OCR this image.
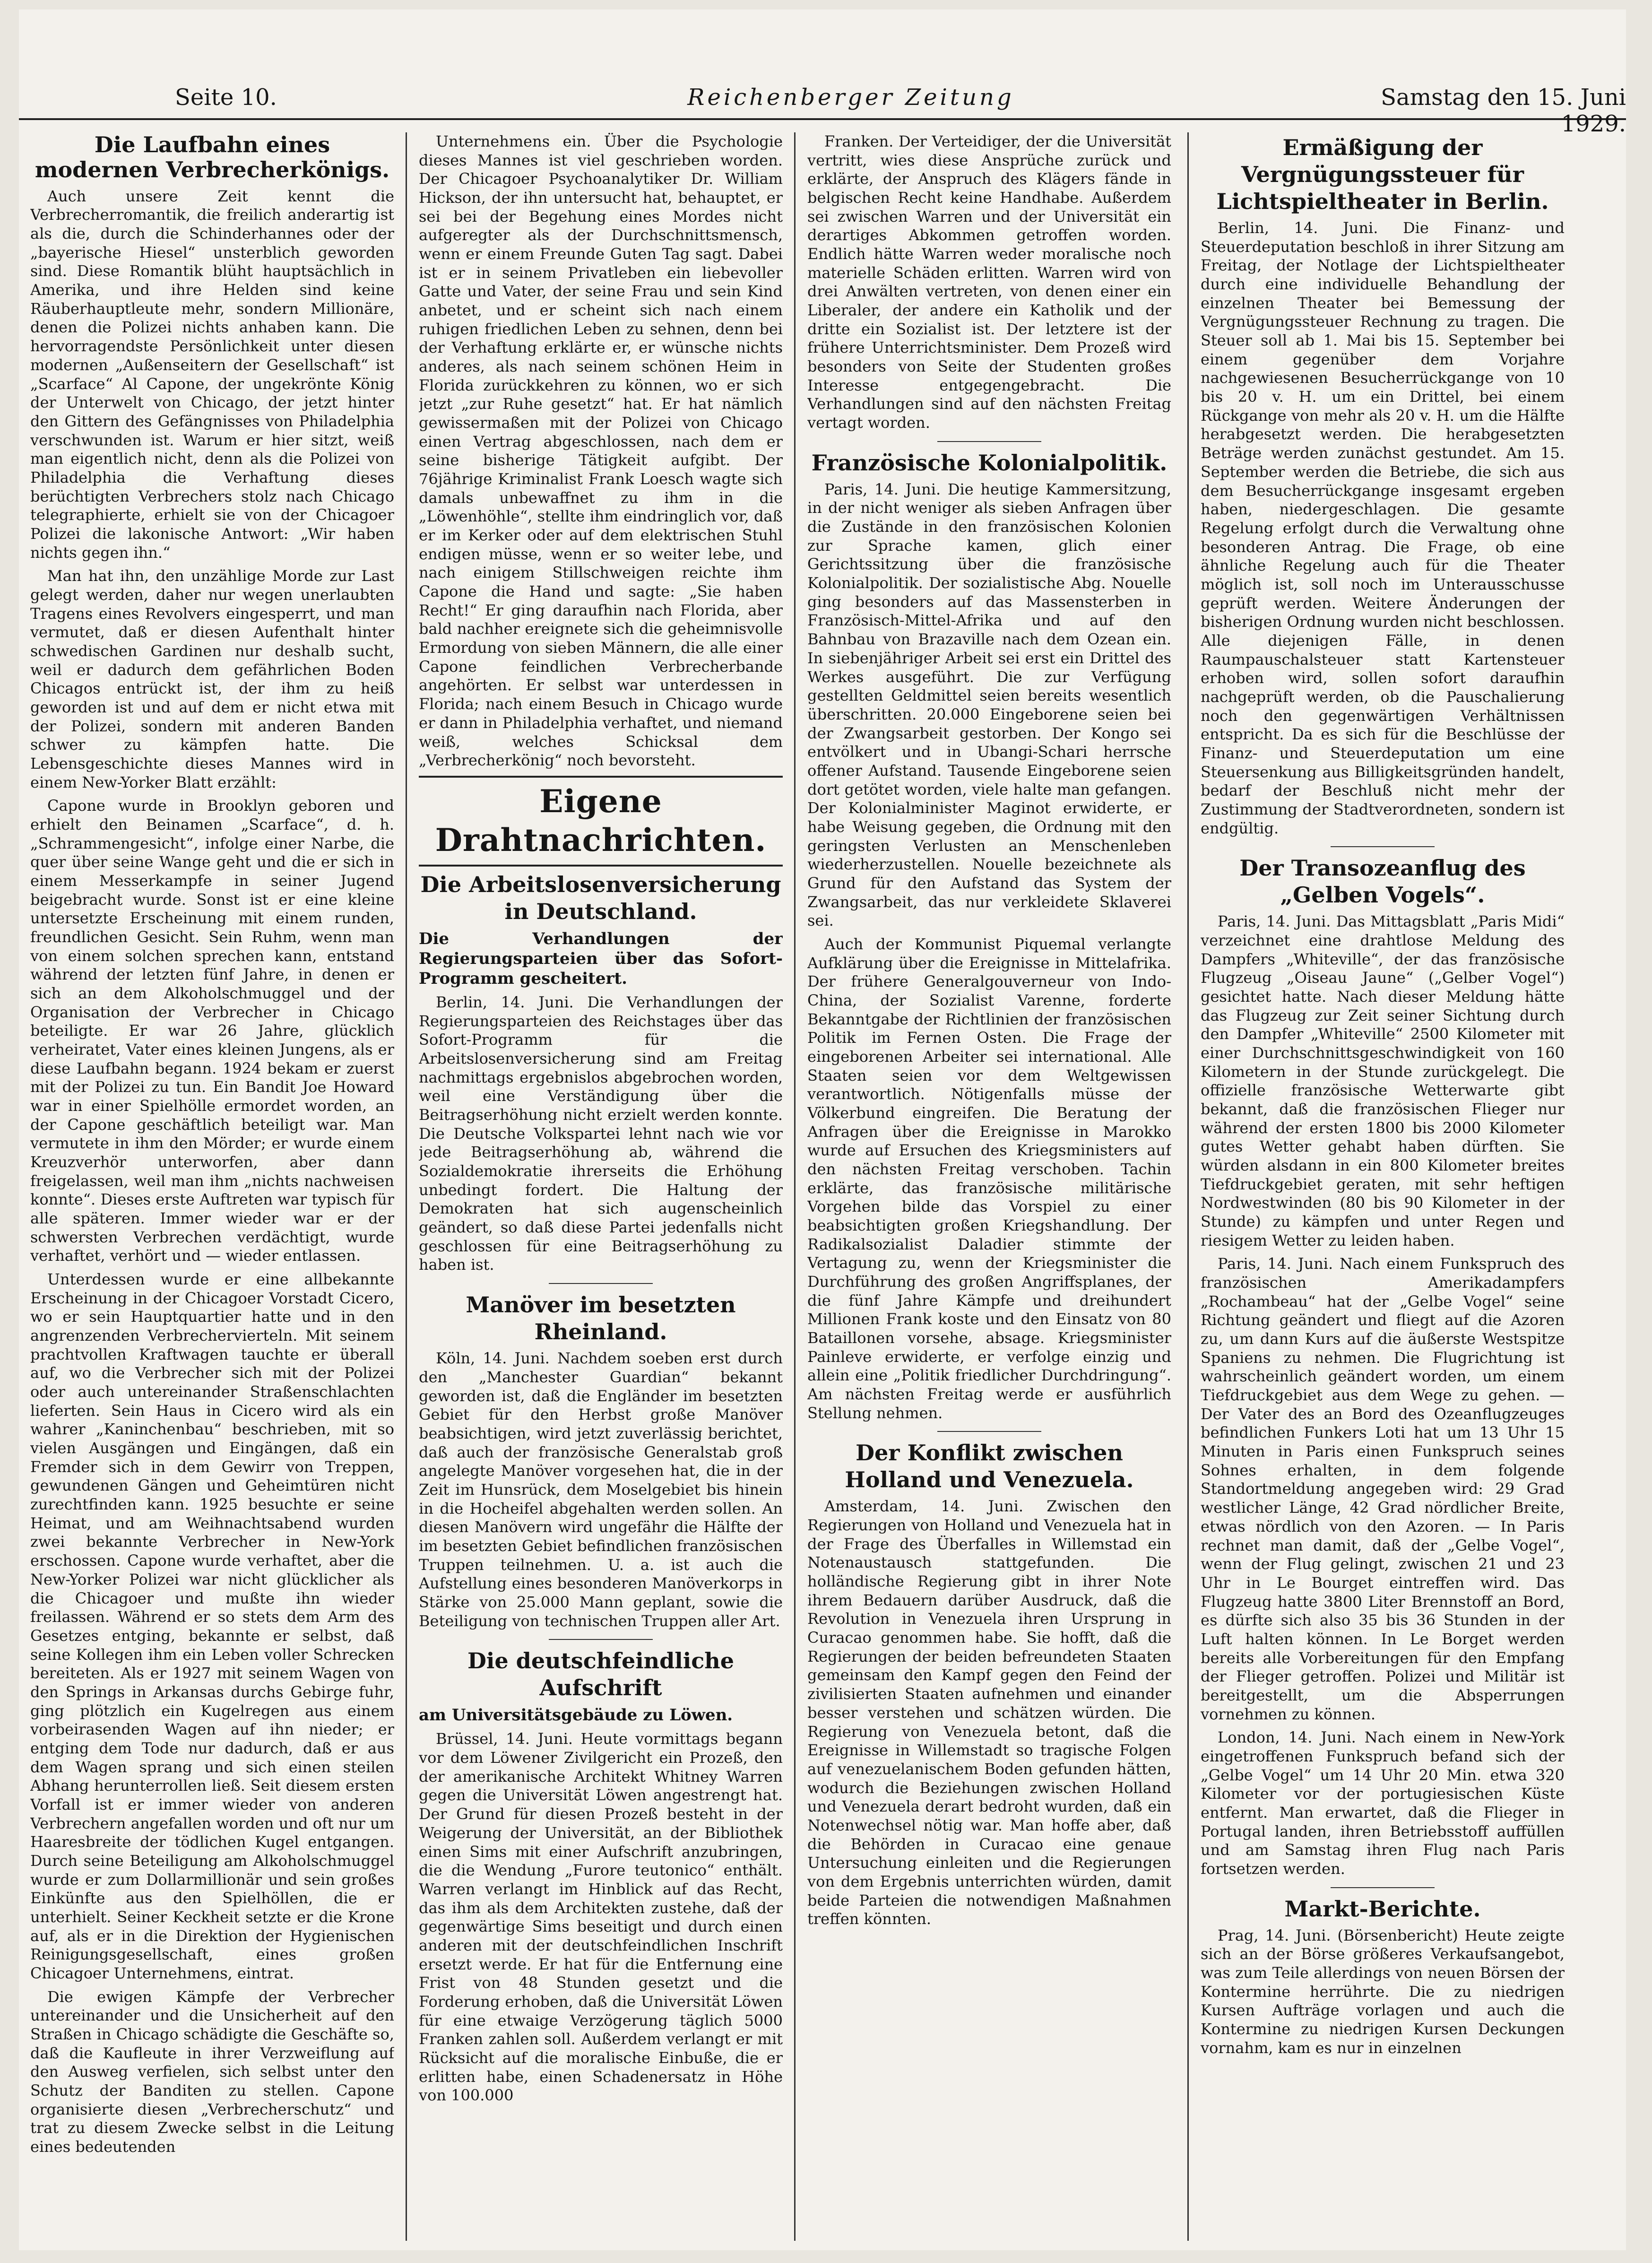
Seite 10.	Reichenberger Zeitung	Samstag den 15. Juni 1929.
Die Laufbahn eines modernen Verbrecherkönigs.

Auch unsere Zeit kennt die Verbrecherromantik, die freilich anderartig ist als die, durch die Schinderhannes oder der „bayerische Hiesel“ unsterblich geworden sind. Diese Romantik blüht hauptsächlich in Amerika, und ihre Helden sind keine Räuberhauptleute mehr, sondern Millionäre, denen die Polizei nichts anhaben kann. Die hervorragendste Persönlichkeit unter diesen modernen „Außenseitern der Gesellschaft“ ist „Scarface“ Al Capone, der ungekrönte König der Unterwelt von Chicago, der jetzt hinter den Gittern des Gefängnisses von Philadelphia verschwunden ist. Warum er hier sitzt, weiß man eigentlich nicht, denn als die Polizei von Philadelphia die Verhaftung dieses berüchtigten Verbrechers stolz nach Chicago telegraphierte, erhielt sie von der Chicagoer Polizei die lakonische Antwort: „Wir haben nichts gegen ihn.“

Man hat ihn, den unzählige Morde zur Last gelegt werden, daher nur wegen unerlaubten Tragens eines Revolvers eingesperrt, und man vermutet, daß er diesen Aufenthalt hinter schwedischen Gardinen nur deshalb sucht, weil er dadurch dem gefährlichen Boden Chicagos entrückt ist, der ihm zu heiß geworden ist und auf dem er nicht etwa mit der Polizei, sondern mit anderen Banden schwer zu kämpfen hatte. Die Lebensgeschichte dieses Mannes wird in einem New-Yorker Blatt erzählt:

Capone wurde in Brooklyn geboren und erhielt den Beinamen „Scarface“, d. h. „Schrammengesicht“, infolge einer Narbe, die quer über seine Wange geht und die er sich in einem Messerkampfe in seiner Jugend beigebracht wurde. Sonst ist er eine kleine untersetzte Erscheinung mit einem runden, freundlichen Gesicht. Sein Ruhm, wenn man von einem solchen sprechen kann, entstand während der letzten fünf Jahre, in denen er sich an dem Alkoholschmuggel und der Organisation der Verbrecher in Chicago beteiligte. Er war 26 Jahre, glücklich verheiratet, Vater eines kleinen Jungens, als er diese Laufbahn begann. 1924 bekam er zuerst mit der Polizei zu tun. Ein Bandit Joe Howard war in einer Spielhölle ermordet worden, an der Capone geschäftlich beteiligt war. Man vermutete in ihm den Mörder; er wurde einem Kreuzverhör unterworfen, aber dann freigelassen, weil man ihm „nichts nachweisen konnte“. Dieses erste Auftreten war typisch für alle späteren. Immer wieder war er der schwersten Verbrechen verdächtigt, wurde verhaftet, verhört und — wieder entlassen.

Unterdessen wurde er eine allbekannte Erscheinung in der Chicagoer Vorstadt Cicero, wo er sein Hauptquartier hatte und in den angrenzenden Verbrechervierteln. Mit seinem prachtvollen Kraftwagen tauchte er überall auf, wo die Verbrecher sich mit der Polizei oder auch untereinander Straßenschlachten lieferten. Sein Haus in Cicero wird als ein wahrer „Kaninchenbau“ beschrieben, mit so vielen Ausgängen und Eingängen, daß ein Fremder sich in dem Gewirr von Treppen, gewundenen Gängen und Geheimtüren nicht zurechtfinden kann. 1925 besuchte er seine Heimat, und am Weihnachtsabend wurden zwei bekannte Verbrecher in New-York erschossen. Capone wurde verhaftet, aber die New-Yorker Polizei war nicht glücklicher als die Chicagoer und mußte ihn wieder freilassen. Während er so stets dem Arm des Gesetzes entging, bekannte er selbst, daß seine Kollegen ihm ein Leben voller Schrecken bereiteten. Als er 1927 mit seinem Wagen von den Springs in Arkansas durchs Gebirge fuhr, ging plötzlich ein Kugelregen aus einem vorbeirasenden Wagen auf ihn nieder; er entging dem Tode nur dadurch, daß er aus dem Wagen sprang und sich einen steilen Abhang herunterrollen ließ. Seit diesem ersten Vorfall ist er immer wieder von anderen Verbrechern angefallen worden und oft nur um Haaresbreite der tödlichen Kugel entgangen. Durch seine Beteiligung am Alkoholschmuggel wurde er zum Dollarmillionär und sein großes Einkünfte aus den Spielhöllen, die er unterhielt. Seiner Keckheit setzte er die Krone auf, als er in die Direktion der Hygienischen Reinigungsgesellschaft, eines großen Chicagoer Unternehmens, eintrat.

Die ewigen Kämpfe der Verbrecher untereinander und die Unsicherheit auf den Straßen in Chicago schädigte die Geschäfte so, daß die Kaufleute in ihrer Verzweiflung auf den Ausweg verfielen, sich selbst unter den Schutz der Banditen zu stellen. Capone organisierte diesen „Verbrecherschutz“ und trat zu diesem Zwecke selbst in die Leitung eines bedeutenden

Unternehmens ein. Über die Psychologie dieses Mannes ist viel geschrieben worden. Der Chicagoer Psychoanalytiker Dr. William Hickson, der ihn untersucht hat, behauptet, er sei bei der Begehung eines Mordes nicht aufgeregter als der Durchschnittsmensch, wenn er einem Freunde Guten Tag sagt. Dabei ist er in seinem Privatleben ein liebevoller Gatte und Vater, der seine Frau und sein Kind anbetet, und er scheint sich nach einem ruhigen friedlichen Leben zu sehnen, denn bei der Verhaftung erklärte er, er wünsche nichts anderes, als nach seinem schönen Heim in Florida zurückkehren zu können, wo er sich jetzt „zur Ruhe gesetzt“ hat. Er hat nämlich gewissermaßen mit der Polizei von Chicago einen Vertrag abgeschlossen, nach dem er seine bisherige Tätigkeit aufgibt. Der 76jährige Kriminalist Frank Loesch wagte sich damals unbewaffnet zu ihm in die „Löwenhöhle“, stellte ihm eindringlich vor, daß er im Kerker oder auf dem elektrischen Stuhl endigen müsse, wenn er so weiter lebe, und nach einigem Stillschweigen reichte ihm Capone die Hand und sagte: „Sie haben Recht!“ Er ging daraufhin nach Florida, aber bald nachher ereignete sich die geheimnisvolle Ermordung von sieben Männern, die alle einer Capone feindlichen Verbrecherbande angehörten. Er selbst war unterdessen in Florida; nach einem Besuch in Chicago wurde er dann in Philadelphia verhaftet, und niemand weiß, welches Schicksal dem „Verbrecherkönig“ noch bevorsteht.

Eigene Drahtnachrichten.
Die Arbeitslosenversicherung in Deutschland.
Die Verhandlungen der Regierungsparteien über das Sofort-Programm gescheitert.

Berlin, 14. Juni. Die Verhandlungen der Regierungsparteien des Reichstages über das Sofort-Programm für die Arbeitslosenversicherung sind am Freitag nachmittags ergebnislos abgebrochen worden, weil eine Verständigung über die Beitragserhöhung nicht erzielt werden konnte. Die Deutsche Volkspartei lehnt nach wie vor jede Beitragserhöhung ab, während die Sozialdemokratie ihrerseits die Erhöhung unbedingt fordert. Die Haltung der Demokraten hat sich augenscheinlich geändert, so daß diese Partei jedenfalls nicht geschlossen für eine Beitragserhöhung zu haben ist.

Manöver im besetzten Rheinland.

Köln, 14. Juni. Nachdem soeben erst durch den „Manchester Guardian“ bekannt geworden ist, daß die Engländer im besetzten Gebiet für den Herbst große Manöver beabsichtigen, wird jetzt zuverlässig berichtet, daß auch der französische Generalstab groß angelegte Manöver vorgesehen hat, die in der Zeit im Hunsrück, dem Moselgebiet bis hinein in die Hocheifel abgehalten werden sollen. An diesen Manövern wird ungefähr die Hälfte der im besetzten Gebiet befindlichen französischen Truppen teilnehmen. U. a. ist auch die Aufstellung eines besonderen Manöverkorps in Stärke von 25.000 Mann geplant, sowie die Beteiligung von technischen Truppen aller Art.

Die deutschfeindliche Aufschrift
am Universitätsgebäude zu Löwen.

Brüssel, 14. Juni. Heute vormittags begann vor dem Löwener Zivilgericht ein Prozeß, den der amerikanische Architekt Whitney Warren gegen die Universität Löwen angestrengt hat. Der Grund für diesen Prozeß besteht in der Weigerung der Universität, an der Bibliothek einen Sims mit einer Aufschrift anzubringen, die die Wendung „Furore teutonico“ enthält. Warren verlangt im Hinblick auf das Recht, das ihm als dem Architekten zustehe, daß der gegenwärtige Sims beseitigt und durch einen anderen mit der deutschfeindlichen Inschrift ersetzt werde. Er hat für die Entfernung eine Frist von 48 Stunden gesetzt und die Forderung erhoben, daß die Universität Löwen für eine etwaige Verzögerung täglich 5000 Franken zahlen soll. Außerdem verlangt er mit Rücksicht auf die moralische Einbuße, die er erlitten habe, einen Schadenersatz in Höhe von 100.000

Franken. Der Verteidiger, der die Universität vertritt, wies diese Ansprüche zurück und erklärte, der Anspruch des Klägers fände in belgischen Recht keine Handhabe. Außerdem sei zwischen Warren und der Universität ein derartiges Abkommen getroffen worden. Endlich hätte Warren weder moralische noch materielle Schäden erlitten. Warren wird von drei Anwälten vertreten, von denen einer ein Liberaler, der andere ein Katholik und der dritte ein Sozialist ist. Der letztere ist der frühere Unterrichtsminister. Dem Prozeß wird besonders von Seite der Studenten großes Interesse entgegengebracht. Die Verhandlungen sind auf den nächsten Freitag vertagt worden.

Französische Kolonialpolitik.

Paris, 14. Juni. Die heutige Kammersitzung, in der nicht weniger als sieben Anfragen über die Zustände in den französischen Kolonien zur Sprache kamen, glich einer Gerichtssitzung über die französische Kolonialpolitik. Der sozialistische Abg. Nouelle ging besonders auf das Massensterben in Französisch-Mittel-Afrika und auf den Bahnbau von Brazaville nach dem Ozean ein. In siebenjähriger Arbeit sei erst ein Drittel des Werkes ausgeführt. Die zur Verfügung gestellten Geldmittel seien bereits wesentlich überschritten. 20.000 Eingeborene seien bei der Zwangsarbeit gestorben. Der Kongo sei entvölkert und in Ubangi-Schari herrsche offener Aufstand. Tausende Eingeborene seien dort getötet worden, viele halte man gefangen. Der Kolonialminister Maginot erwiderte, er habe Weisung gegeben, die Ordnung mit den geringsten Verlusten an Menschenleben wiederherzustellen. Nouelle bezeichnete als Grund für den Aufstand das System der Zwangsarbeit, das nur verkleidete Sklaverei sei.

Auch der Kommunist Piquemal verlangte Aufklärung über die Ereignisse in Mittelafrika. Der frühere Generalgouverneur von Indo-China, der Sozialist Varenne, forderte Bekanntgabe der Richtlinien der französischen Politik im Fernen Osten. Die Frage der eingeborenen Arbeiter sei international. Alle Staaten seien vor dem Weltgewissen verantwortlich. Nötigenfalls müsse der Völkerbund eingreifen. Die Beratung der Anfragen über die Ereignisse in Marokko wurde auf Ersuchen des Kriegsministers auf den nächsten Freitag verschoben. Tachin erklärte, das französische militärische Vorgehen bilde das Vorspiel zu einer beabsichtigten großen Kriegshandlung. Der Radikalsozialist Daladier stimmte der Vertagung zu, wenn der Kriegsminister die Durchführung des großen Angriffsplanes, der die fünf Jahre Kämpfe und dreihundert Millionen Frank koste und den Einsatz von 80 Bataillonen vorsehe, absage. Kriegsminister Painleve erwiderte, er verfolge einzig und allein eine „Politik friedlicher Durchdringung“. Am nächsten Freitag werde er ausführlich Stellung nehmen.

Der Konflikt zwischen Holland und Venezuela.

Amsterdam, 14. Juni. Zwischen den Regierungen von Holland und Venezuela hat in der Frage des Überfalles in Willemstad ein Notenaustausch stattgefunden. Die holländische Regierung gibt in ihrer Note ihrem Bedauern darüber Ausdruck, daß die Revolution in Venezuela ihren Ursprung in Curacao genommen habe. Sie hofft, daß die Regierungen der beiden befreundeten Staaten gemeinsam den Kampf gegen den Feind der zivilisierten Staaten aufnehmen und einander besser verstehen und schätzen würden. Die Regierung von Venezuela betont, daß die Ereignisse in Willemstadt so tragische Folgen auf venezuelanischem Boden gefunden hätten, wodurch die Beziehungen zwischen Holland und Venezuela derart bedroht wurden, daß ein Notenwechsel nötig war. Man hoffe aber, daß die Behörden in Curacao eine genaue Untersuchung einleiten und die Regierungen von dem Ergebnis unterrichten würden, damit beide Parteien die notwendigen Maßnahmen treffen könnten.

Ermäßigung der Vergnügungssteuer für Lichtspieltheater in Berlin.

Berlin, 14. Juni. Die Finanz- und Steuerdeputation beschloß in ihrer Sitzung am Freitag, der Notlage der Lichtspieltheater durch eine individuelle Behandlung der einzelnen Theater bei Bemessung der Vergnügungssteuer Rechnung zu tragen. Die Steuer soll ab 1. Mai bis 15. September bei einem gegenüber dem Vorjahre nachgewiesenen Besucherrückgange von 10 bis 20 v. H. um ein Drittel, bei einem Rückgange von mehr als 20 v. H. um die Hälfte herabgesetzt werden. Die herabgesetzten Beträge werden zunächst gestundet. Am 15. September werden die Betriebe, die sich aus dem Besucherrückgange insgesamt ergeben haben, niedergeschlagen. Die gesamte Regelung erfolgt durch die Verwaltung ohne besonderen Antrag. Die Frage, ob eine ähnliche Regelung auch für die Theater möglich ist, soll noch im Unterausschusse geprüft werden. Weitere Änderungen der bisherigen Ordnung wurden nicht beschlossen. Alle diejenigen Fälle, in denen Raumpauschalsteuer statt Kartensteuer erhoben wird, sollen sofort daraufhin nachgeprüft werden, ob die Pauschalierung noch den gegenwärtigen Verhältnissen entspricht. Da es sich für die Beschlüsse der Finanz- und Steuerdeputation um eine Steuersenkung aus Billigkeitsgründen handelt, bedarf der Beschluß nicht mehr der Zustimmung der Stadtverordneten, sondern ist endgültig.

Der Transozeanflug des „Gelben Vogels“.

Paris, 14. Juni. Das Mittagsblatt „Paris Midi“ verzeichnet eine drahtlose Meldung des Dampfers „Whiteville“, der das französische Flugzeug „Oiseau Jaune“ („Gelber Vogel“) gesichtet hatte. Nach dieser Meldung hätte das Flugzeug zur Zeit seiner Sichtung durch den Dampfer „Whiteville“ 2500 Kilometer mit einer Durchschnittsgeschwindigkeit von 160 Kilometern in der Stunde zurückgelegt. Die offizielle französische Wetterwarte gibt bekannt, daß die französischen Flieger nur während der ersten 1800 bis 2000 Kilometer gutes Wetter gehabt haben dürften. Sie würden alsdann in ein 800 Kilometer breites Tiefdruckgebiet geraten, mit sehr heftigen Nordwestwinden (80 bis 90 Kilometer in der Stunde) zu kämpfen und unter Regen und riesigem Wetter zu leiden haben.

Paris, 14. Juni. Nach einem Funkspruch des französischen Amerikadampfers „Rochambeau“ hat der „Gelbe Vogel“ seine Richtung geändert und fliegt auf die Azoren zu, um dann Kurs auf die äußerste Westspitze Spaniens zu nehmen. Die Flugrichtung ist wahrscheinlich geändert worden, um einem Tiefdruckgebiet aus dem Wege zu gehen. — Der Vater des an Bord des Ozeanflugzeuges befindlichen Funkers Loti hat um 13 Uhr 15 Minuten in Paris einen Funkspruch seines Sohnes erhalten, in dem folgende Standortmeldung angegeben wird: 29 Grad westlicher Länge, 42 Grad nördlicher Breite, etwas nördlich von den Azoren. — In Paris rechnet man damit, daß der „Gelbe Vogel“, wenn der Flug gelingt, zwischen 21 und 23 Uhr in Le Bourget eintreffen wird. Das Flugzeug hatte 3800 Liter Brennstoff an Bord, es dürfte sich also 35 bis 36 Stunden in der Luft halten können. In Le Borget werden bereits alle Vorbereitungen für den Empfang der Flieger getroffen. Polizei und Militär ist bereitgestellt, um die Absperrungen vornehmen zu können.

London, 14. Juni. Nach einem in New-York eingetroffenen Funkspruch befand sich der „Gelbe Vogel“ um 14 Uhr 20 Min. etwa 320 Kilometer vor der portugiesischen Küste entfernt. Man erwartet, daß die Flieger in Portugal landen, ihren Betriebsstoff auffüllen und am Samstag ihren Flug nach Paris fortsetzen werden.

Markt-Berichte.

Prag, 14. Juni. (Börsenbericht) Heute zeigte sich an der Börse größeres Verkaufsangebot, was zum Teile allerdings von neuen Börsen der Kontermine herrührte. Die zu niedrigen Kursen Aufträge vorlagen und auch die Kontermine zu niedrigen Kursen Deckungen vornahm, kam es nur in einzelnen
